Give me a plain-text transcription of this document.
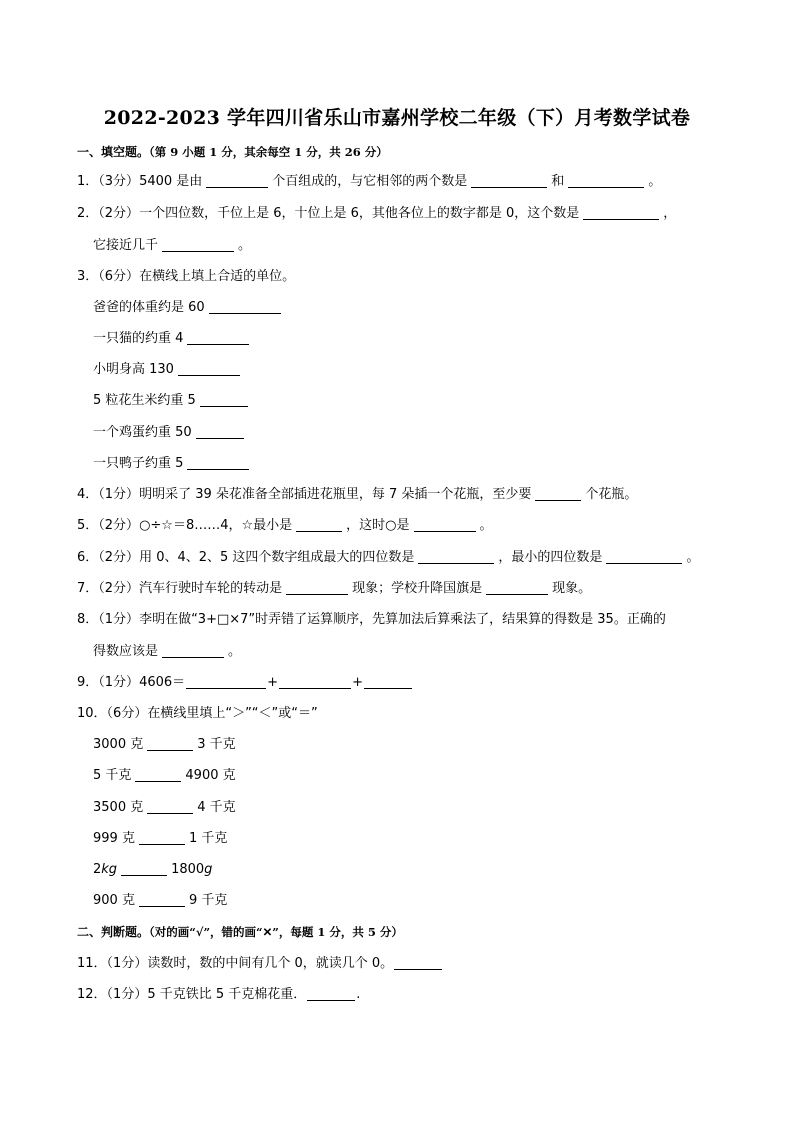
2022-2023 学年四川省乐山市嘉州学校二年级（下）月考数学试卷
一、填空题。（第 9 小题 1 分，其余每空 1 分，共 26 分）
1．（3分）5400 是由	个百组成的，与它相邻的两个数是	和	。
2．（2分）一个四位数，千位上是 6，十位上是 6，其他各位上的数字都是 0，这个数是	，
它接近几千	。
3．（6分）在横线上填上合适的单位。
爸爸的体重约是 60
一只猫的约重 4
小明身高 130
5 粒花生米约重 5
一个鸡蛋约重 50
一只鸭子约重 5
4．（1分）明明采了 39 朵花准备全部插进花瓶里，每 7 朵插一个花瓶，至少要	个花瓶。
5．（2分）○÷☆＝8……4，☆最小是	，这时○是	。
6．（2分）用 0、4、2、5 这四个数字组成最大的四位数是	，最小的四位数是	。
7．（2分）汽车行驶时车轮的转动是	现象；学校升降国旗是	现象。
8．（1分）李明在做“3+□×7”时弄错了运算顺序，先算加法后算乘法了，结果算的得数是 35。正确的
得数应该是	。
9．（1分）4606＝	+	+
10．（6分）在横线里填上“＞”“＜”或“＝”
3000 克	3 千克
5 千克	4900 克
3500 克	4 千克
999 克	1 千克
2kg	1800g
900 克	9 千克
二、判断题。（对的画“√”，错的画“✕”，每题 1 分，共 5 分）
11．（1分）读数时，数的中间有几个 0，就读几个 0。
12．（1分）5 千克铁比 5 千克棉花重．	.
